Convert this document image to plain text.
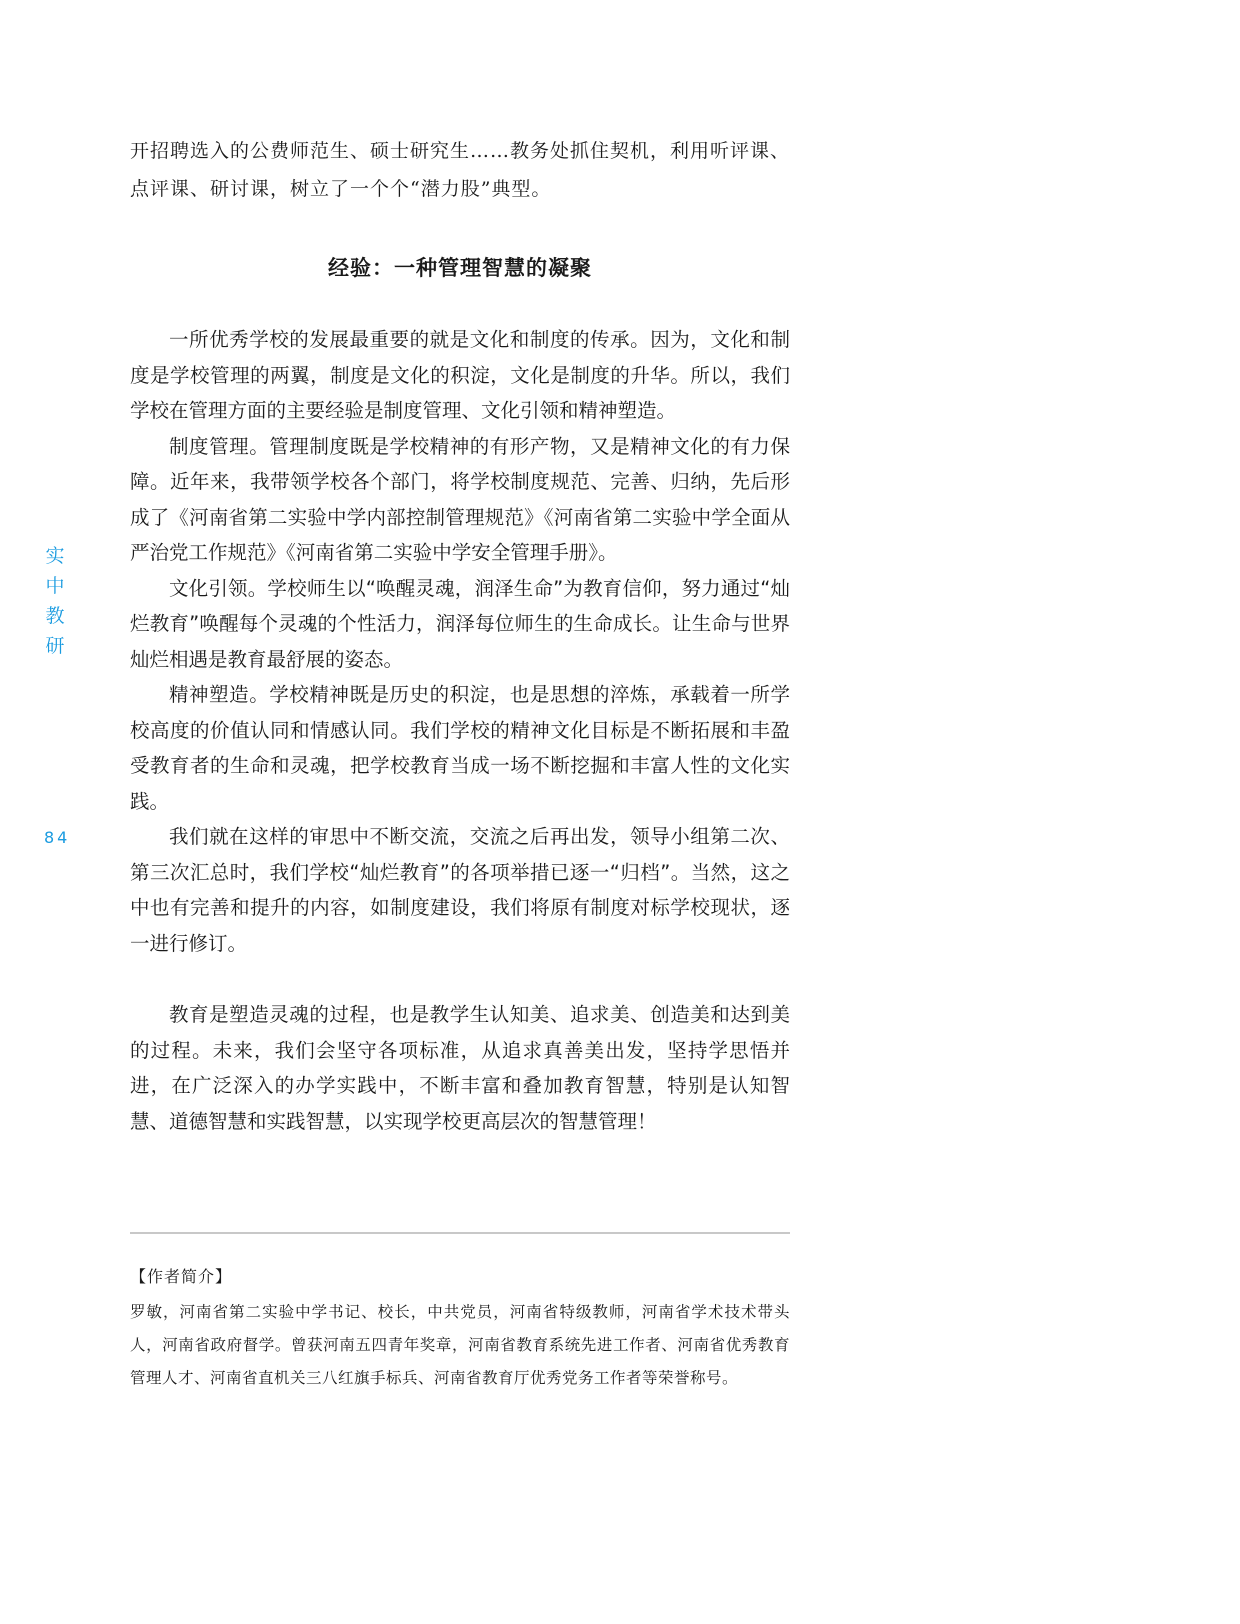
实
中
教
研
84

开招聘选入的公费师范生、硕士研究生……教务处抓住契机，利用听评课、点评课、研讨课，树立了一个个“潜力股”典型。

经验：一种管理智慧的凝聚

一所优秀学校的发展最重要的就是文化和制度的传承。因为，文化和制度是学校管理的两翼，制度是文化的积淀，文化是制度的升华。所以，我们学校在管理方面的主要经验是制度管理、文化引领和精神塑造。

制度管理。管理制度既是学校精神的有形产物，又是精神文化的有力保障。近年来，我带领学校各个部门，将学校制度规范、完善、归纳，先后形成了《河南省第二实验中学内部控制管理规范》《河南省第二实验中学全面从严治党工作规范》《河南省第二实验中学安全管理手册》。

文化引领。学校师生以“唤醒灵魂，润泽生命”为教育信仰，努力通过“灿烂教育”唤醒每个灵魂的个性活力，润泽每位师生的生命成长。让生命与世界灿烂相遇是教育最舒展的姿态。

精神塑造。学校精神既是历史的积淀，也是思想的淬炼，承载着一所学校高度的价值认同和情感认同。我们学校的精神文化目标是不断拓展和丰盈受教育者的生命和灵魂，把学校教育当成一场不断挖掘和丰富人性的文化实践。

我们就在这样的审思中不断交流，交流之后再出发，领导小组第二次、第三次汇总时，我们学校“灿烂教育”的各项举措已逐一“归档”。当然，这之中也有完善和提升的内容，如制度建设，我们将原有制度对标学校现状，逐一进行修订。

教育是塑造灵魂的过程，也是教学生认知美、追求美、创造美和达到美的过程。未来，我们会坚守各项标准，从追求真善美出发，坚持学思悟并进，在广泛深入的办学实践中，不断丰富和叠加教育智慧，特别是认知智慧、道德智慧和实践智慧，以实现学校更高层次的智慧管理！

【作者简介】

罗敏，河南省第二实验中学书记、校长，中共党员，河南省特级教师，河南省学术技术带头人，河南省政府督学。曾获河南五四青年奖章，河南省教育系统先进工作者、河南省优秀教育管理人才、河南省直机关三八红旗手标兵、河南省教育厅优秀党务工作者等荣誉称号。
